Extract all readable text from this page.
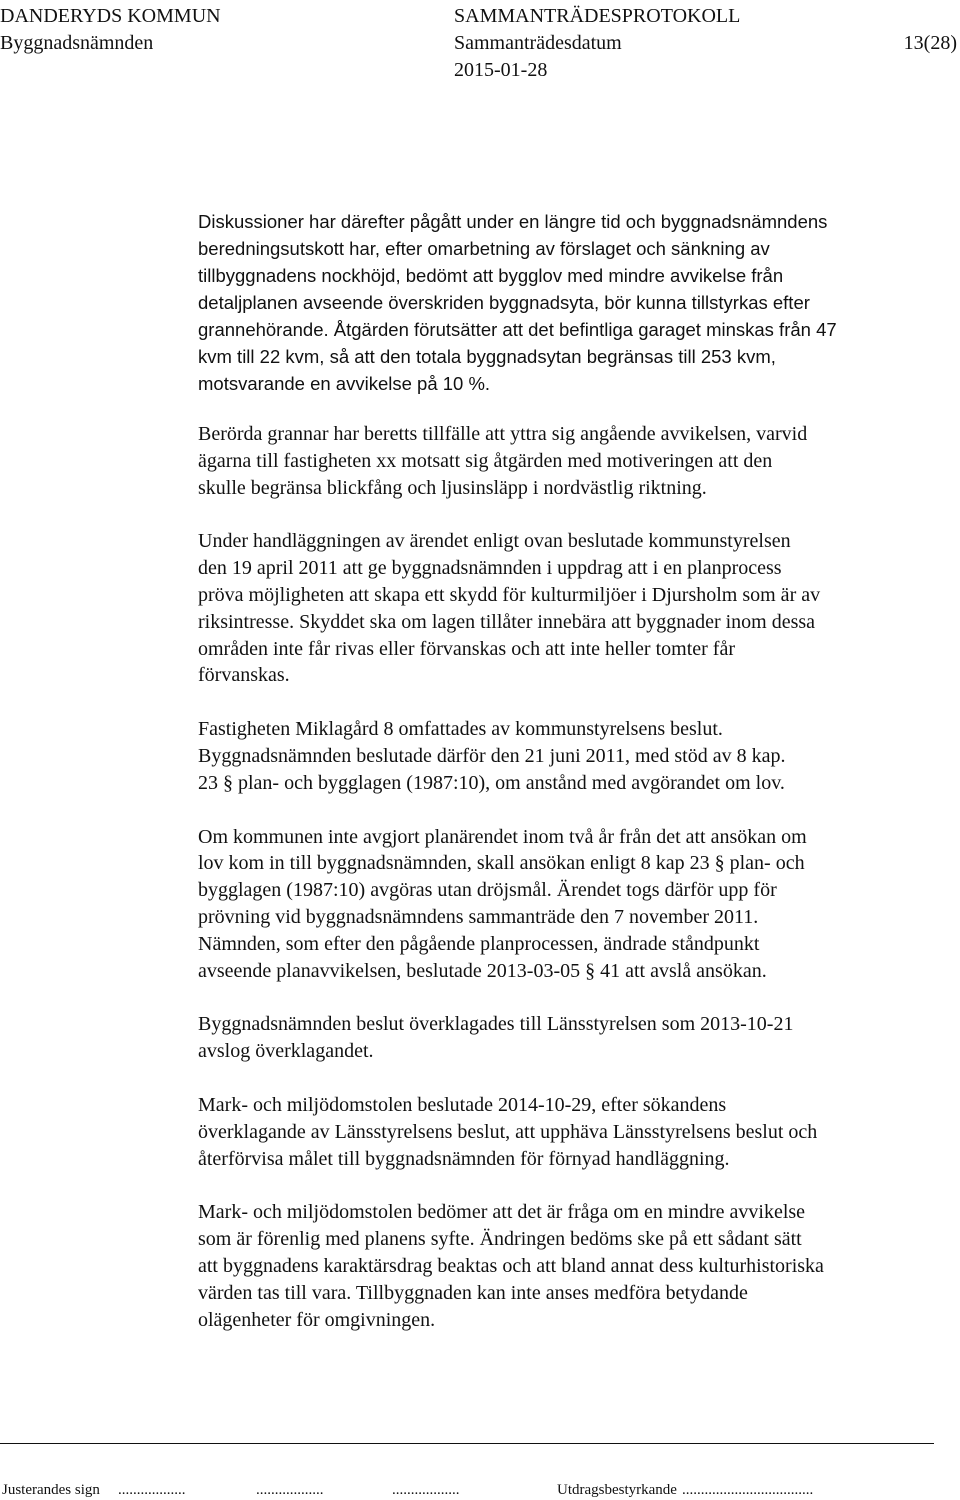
DANDERYDS KOMMUN	SAMMANTRÄDESPROTOKOLL
Byggnadsnämnden	Sammanträdesdatum	13(28)
2015-01-28

Diskussioner har därefter pågått under en längre tid och byggnadsnämndens
beredningsutskott har, efter omarbetning av förslaget och sänkning av
tillbyggnadens nockhöjd, bedömt att bygglov med mindre avvikelse från
detaljplanen avseende överskriden byggnadsyta, bör kunna tillstyrkas efter
grannehörande. Åtgärden förutsätter att det befintliga garaget minskas från 47
kvm till 22 kvm, så att den totala byggnadsytan begränsas till 253 kvm,
motsvarande en avvikelse på 10 %.

Berörda grannar har beretts tillfälle att yttra sig angående avvikelsen, varvid
ägarna till fastigheten xx motsatt sig åtgärden med motiveringen att den
skulle begränsa blickfång och ljusinsläpp i nordvästlig riktning.

Under handläggningen av ärendet enligt ovan beslutade kommunstyrelsen
den 19 april 2011 att ge byggnadsnämnden i uppdrag att i en planprocess
pröva möjligheten att skapa ett skydd för kulturmiljöer i Djursholm som är av
riksintresse. Skyddet ska om lagen tillåter innebära att byggnader inom dessa
områden inte får rivas eller förvanskas och att inte heller tomter får
förvanskas.

Fastigheten Miklagård 8 omfattades av kommunstyrelsens beslut.
Byggnadsnämnden beslutade därför den 21 juni 2011, med stöd av 8 kap.
23 § plan- och bygglagen (1987:10), om anstånd med avgörandet om lov.

Om kommunen inte avgjort planärendet inom två år från det att ansökan om
lov kom in till byggnadsnämnden, skall ansökan enligt 8 kap 23 § plan- och
bygglagen (1987:10) avgöras utan dröjsmål. Ärendet togs därför upp för
prövning vid byggnadsnämndens sammanträde den 7 november 2011.
Nämnden, som efter den pågående planprocessen, ändrade ståndpunkt
avseende planavvikelsen, beslutade 2013-03-05 § 41 att avslå ansökan.

Byggnadsnämnden beslut överklagades till Länsstyrelsen som 2013-10-21
avslog överklagandet.

Mark- och miljödomstolen beslutade 2014-10-29, efter sökandens
överklagande av Länsstyrelsens beslut, att upphäva Länsstyrelsens beslut och
återförvisa målet till byggnadsnämnden för förnyad handläggning.

Mark- och miljödomstolen bedömer att det är fråga om en mindre avvikelse
som är förenlig med planens syfte. Ändringen bedöms ske på ett sådant sätt
att byggnadens karaktärsdrag beaktas och att bland annat dess kulturhistoriska
värden tas till vara. Tillbyggnaden kan inte anses medföra betydande
olägenheter för omgivningen.

Justerandes sign ..................	..................	..................	Utdragsbestyrkande ...................................
